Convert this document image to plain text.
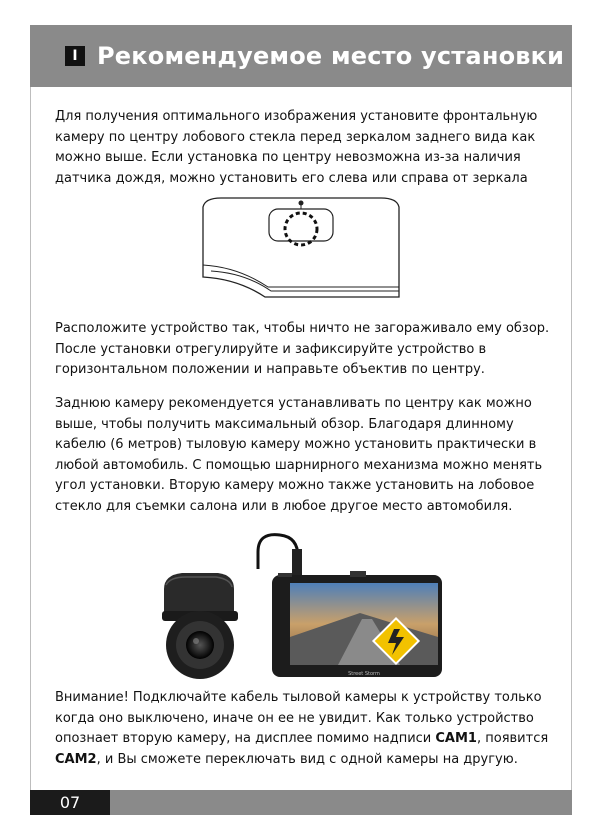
I Рекомендуемое место установки

Для получения оптимального изображения установите фронтальную камеру по центру лобового стекла перед зеркалом заднего вида как можно выше. Если установка по центру невозможна из-за наличия датчика дождя, можно установить его слева или справа от зеркала

Расположите устройство так, чтобы ничто не загораживало ему обзор. После установки отрегулируйте и зафиксируйте устройство в горизонтальном положении и направьте объектив по центру.

Заднюю камеру рекомендуется устанавливать по центру как можно выше, чтобы получить максимальный обзор. Благодаря длинному кабелю (6 метров) тыловую камеру можно установить практически в любой автомобиль. С помощью шарнирного механизма можно менять угол установки. Вторую камеру можно также установить на лобовое стекло для съемки салона или в любое другое место автомобиля.

Street Storm

Внимание! Подключайте кабель тыловой камеры к устройству только когда оно выключено, иначе он ее не увидит. Как только устройство опознает вторую камеру, на дисплее помимо надписи CAM1, появится CAM2, и Вы сможете переключать вид с одной камеры на другую.

07
